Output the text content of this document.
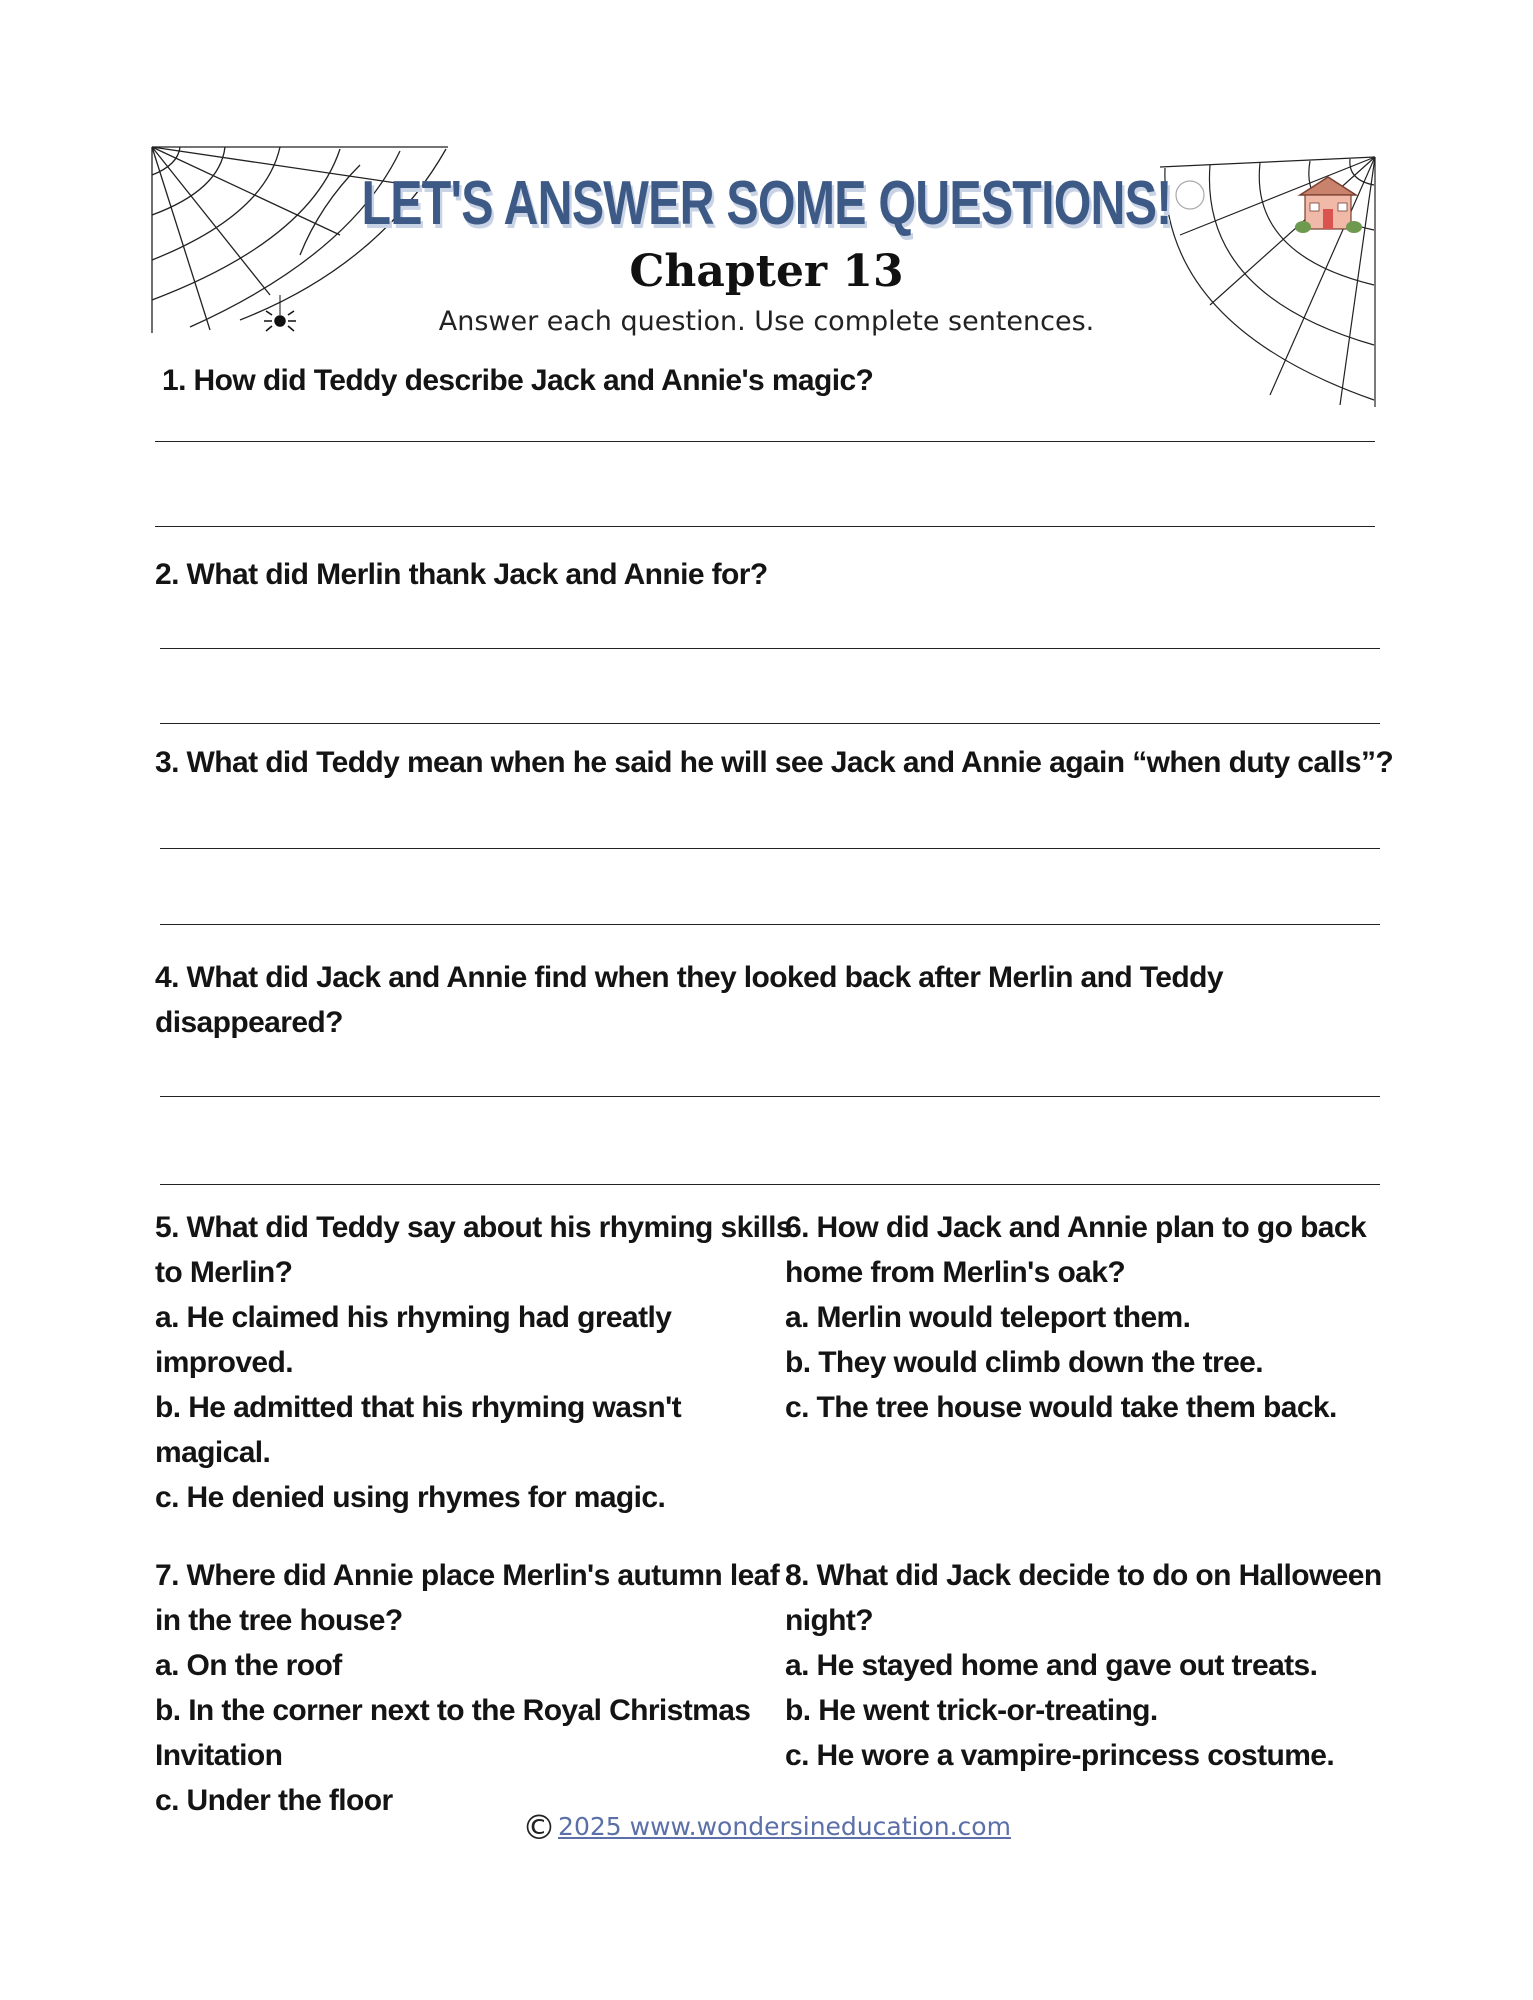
LET'S ANSWER SOME QUESTIONS!
Chapter 13
Answer each question. Use complete sentences.
1. How did Teddy describe Jack and Annie's magic?
2. What did Merlin thank Jack and Annie for?
3. What did Teddy mean when he said he will see Jack and Annie again “when duty calls”?
4. What did Jack and Annie find when they looked back after Merlin and Teddy
disappeared?
5. What did Teddy say about his rhyming skills
to Merlin?
a. He claimed his rhyming had greatly
improved.
b. He admitted that his rhyming wasn't
magical.
c. He denied using rhymes for magic.
6. How did Jack and Annie plan to go back
home from Merlin's oak?
a. Merlin would teleport them.
b. They would climb down the tree.
c. The tree house would take them back.
7. Where did Annie place Merlin's autumn leaf
in the tree house?
a. On the roof
b. In the corner next to the Royal Christmas
Invitation
c. Under the floor
8. What did Jack decide to do on Halloween
night?
a. He stayed home and gave out treats.
b. He went trick-or-treating.
c. He wore a vampire-princess costume.
©2025 www.wondersineducation.com
